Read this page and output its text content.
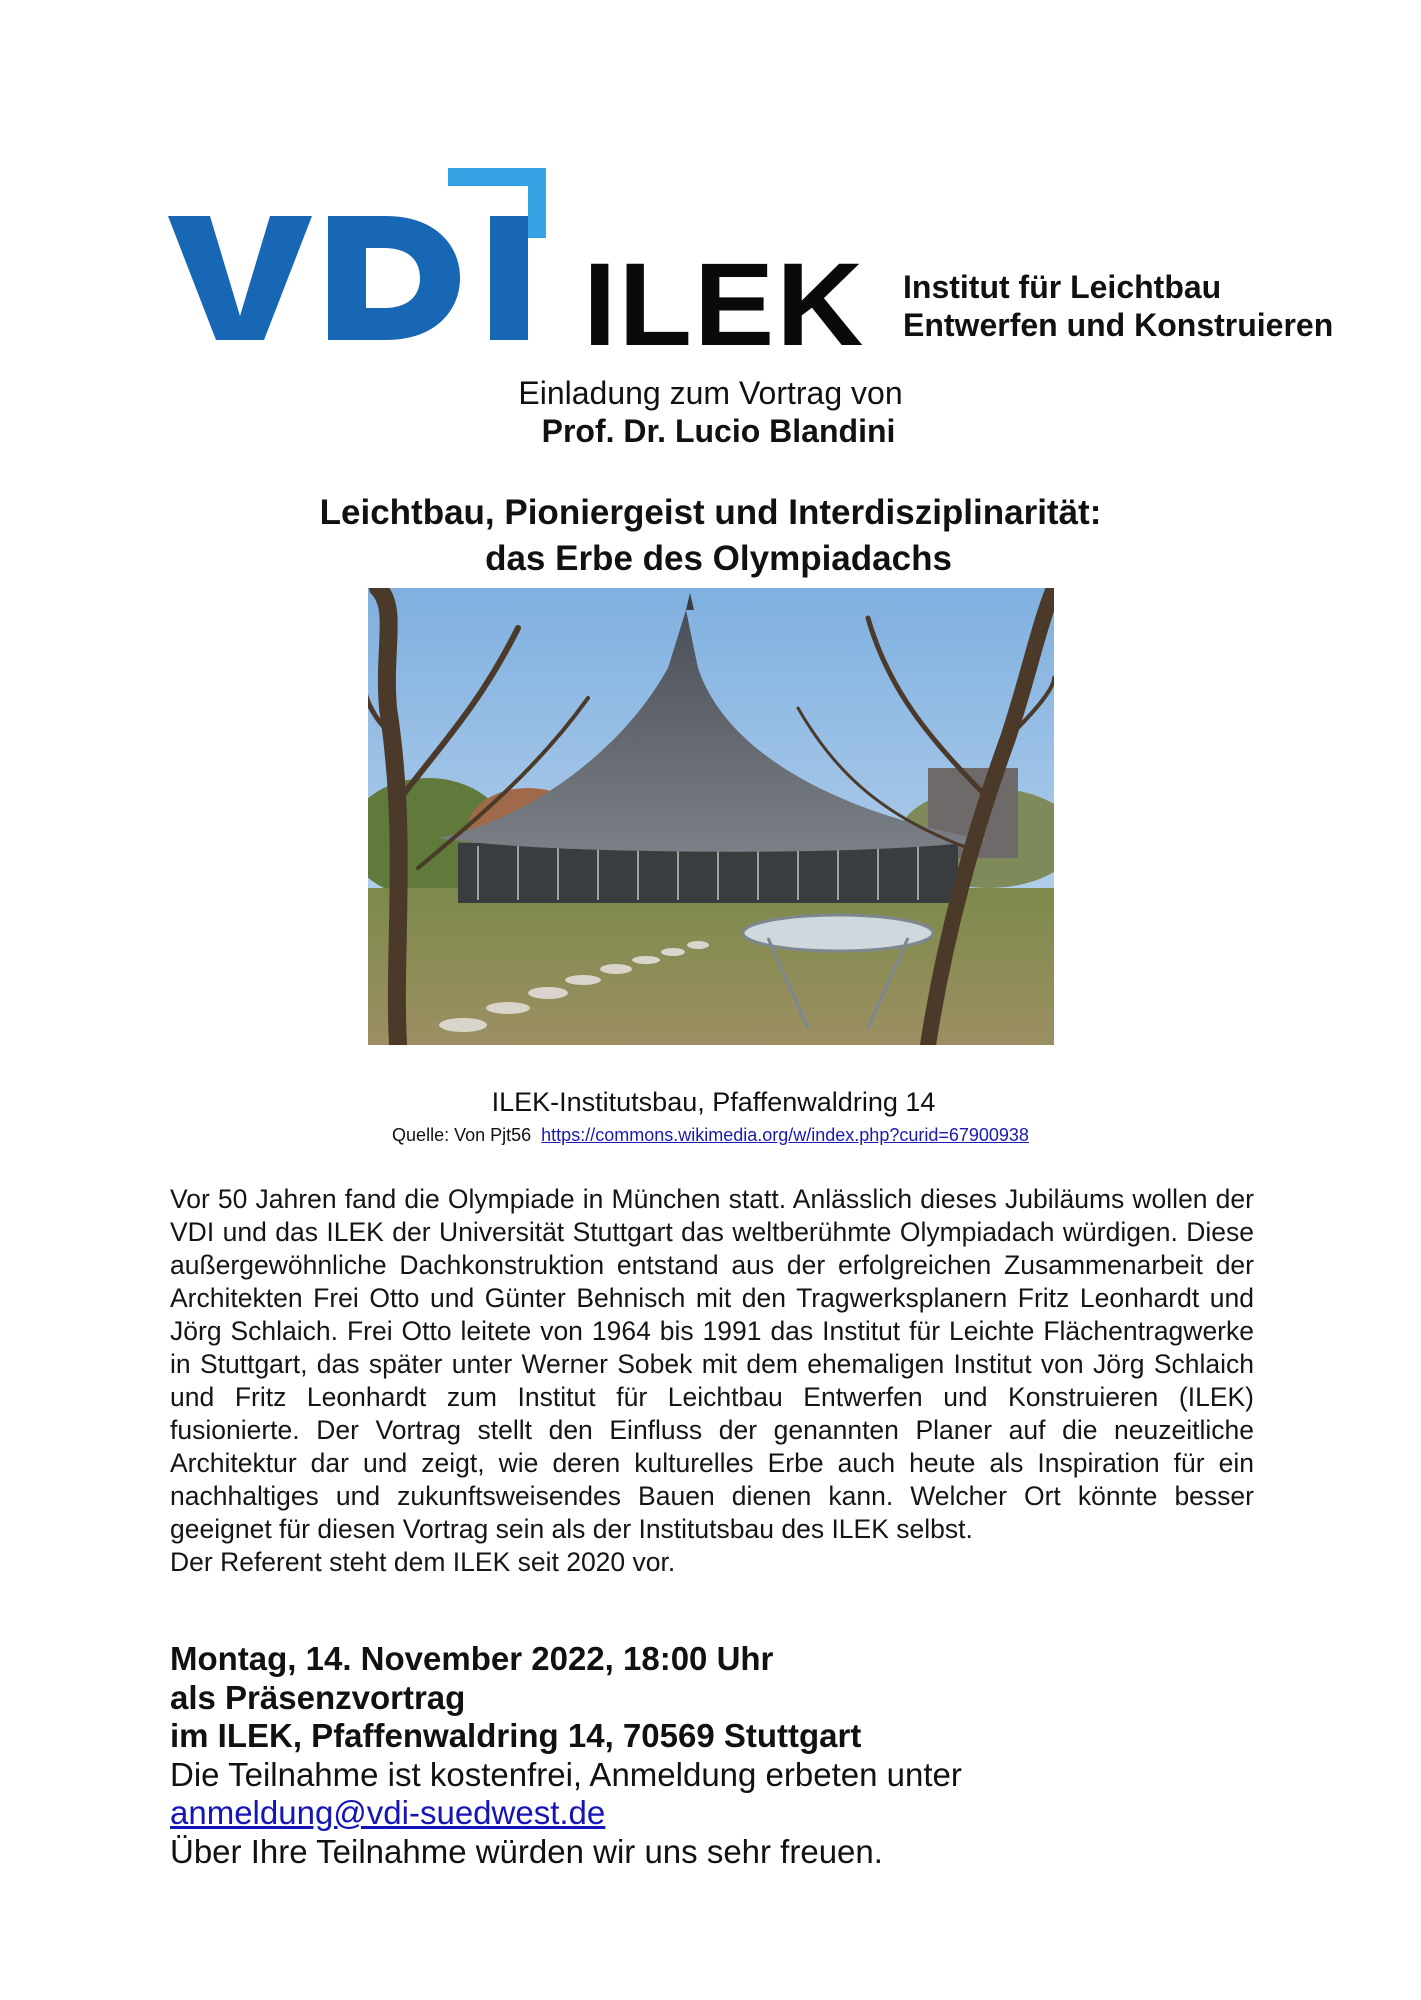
ILEK Institut für Leichtbau
Entwerfen und Konstruieren
Einladung zum Vortrag von
Prof. Dr. Lucio Blandini
Leichtbau, Pioniergeist und Interdisziplinarität:
das Erbe des Olympiadachs
ILEK-Institutsbau, Pfaffenwaldring 14
Quelle: Von Pjt56 https://commons.wikimedia.org/w/index.php?curid=67900938

Vor 50 Jahren fand die Olympiade in München statt. Anlässlich dieses Jubiläums wollen der VDI und das ILEK der Universität Stuttgart das weltberühmte Olympiadach würdigen. Diese außergewöhnliche Dachkonstruktion entstand aus der erfolgreichen Zusammenarbeit der Architekten Frei Otto und Günter Behnisch mit den Tragwerksplanern Fritz Leonhardt und Jörg Schlaich. Frei Otto leitete von 1964 bis 1991 das Institut für Leichte Flächentragwerke in Stuttgart, das später unter Werner Sobek mit dem ehemaligen Institut von Jörg Schlaich und Fritz Leonhardt zum Institut für Leichtbau Entwerfen und Konstruieren (ILEK) fusionierte. Der Vortrag stellt den Einfluss der genannten Planer auf die neuzeitliche Architektur dar und zeigt, wie deren kulturelles Erbe auch heute als Inspiration für ein nachhaltiges und zukunftsweisendes Bauen dienen kann. Welcher Ort könnte besser geeignet für diesen Vortrag sein als der Institutsbau des ILEK selbst.

Der Referent steht dem ILEK seit 2020 vor.

Montag, 14. November 2022, 18:00 Uhr
als Präsenzvortrag
im ILEK, Pfaffenwaldring 14, 70569 Stuttgart
Die Teilnahme ist kostenfrei, Anmeldung erbeten unter
anmeldung@vdi-suedwest.de
Über Ihre Teilnahme würden wir uns sehr freuen.
